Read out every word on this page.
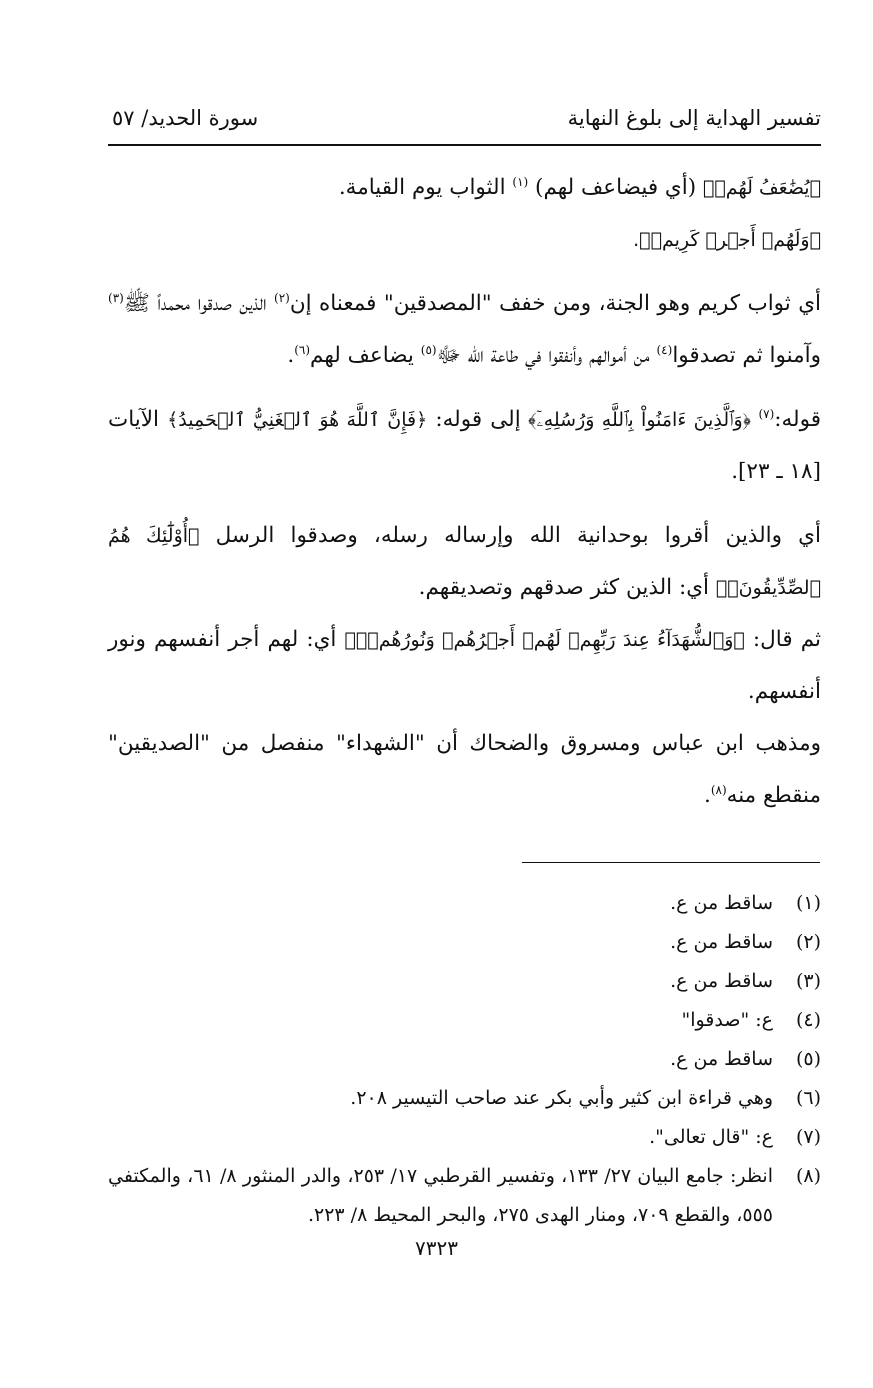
تفسير الهداية إلى بلوغ النهاية
سورة الحديد/ ٥٧

﴿يُضَٰعَفُ لَهُمۡ﴾ (أي فيضاعف لهم) $^{(١)}$ الثواب يوم القيامة.

﴿وَلَهُمۡ أَجۡرٞ كَرِيمٞ﴾.

أي ثواب كريم وهو الجنة، ومن خفف "المصدقين" فمعناه إن$^{(٢)}$ الذين صدقوا محمداً ﷺ$^{(٣)}$ وآمنوا ثم تصدقوا$^{(٤)}$ من أموالهم وأنفقوا في طاعة الله ﷻ$^{(٥)}$ يضاعف لهم$^{(٦)}$.

قوله:$^{(٧)}$ ﴿وَٱلَّذِينَ ءَامَنُواْ بِٱللَّهِ وَرُسُلِهِۦٓ﴾ إلى قوله: ﴿فَإِنَّ ٱللَّهَ هُوَ ٱلۡغَنِيُّ ٱلۡحَمِيدُ﴾ الآيات [١٨ ـ ٢٣].

أي والذين أقروا بوحدانية الله وإرساله رسله، وصدقوا الرسل ﴿أُوْلَٰٓئِكَ هُمُ ٱلصِّدِّيقُونَۖ﴾ أي: الذين كثر صدقهم وتصديقهم.

ثم قال: ﴿وَٱلشُّهَدَآءُ عِندَ رَبِّهِمۡ لَهُمۡ أَجۡرُهُمۡ وَنُورُهُمۡۖ﴾ أي: لهم أجر أنفسهم ونور أنفسهم.

ومذهب ابن عباس ومسروق والضحاك أن "الشهداء" منفصل من "الصديقين" منقطع منه$^{(٨)}$.

(١)
ساقط من ع.
(٢)
ساقط من ع.
(٣)
ساقط من ع.
(٤)
ع: "صدقوا"
(٥)
ساقط من ع.
(٦)
وهي قراءة ابن كثير وأبي بكر عند صاحب التيسير ٢٠٨.
(٧)
ع: "قال تعالى".
(٨)
انظر: جامع البيان ٢٧/ ١٣٣، وتفسير القرطبي ١٧/ ٢٥٣، والدر المنثور ٨/ ٦١، والمكتفي ٥٥٥، والقطع ٧٠٩، ومنار الهدى ٢٧٥، والبحر المحيط ٨/ ٢٢٣.
٧٣٢٣
